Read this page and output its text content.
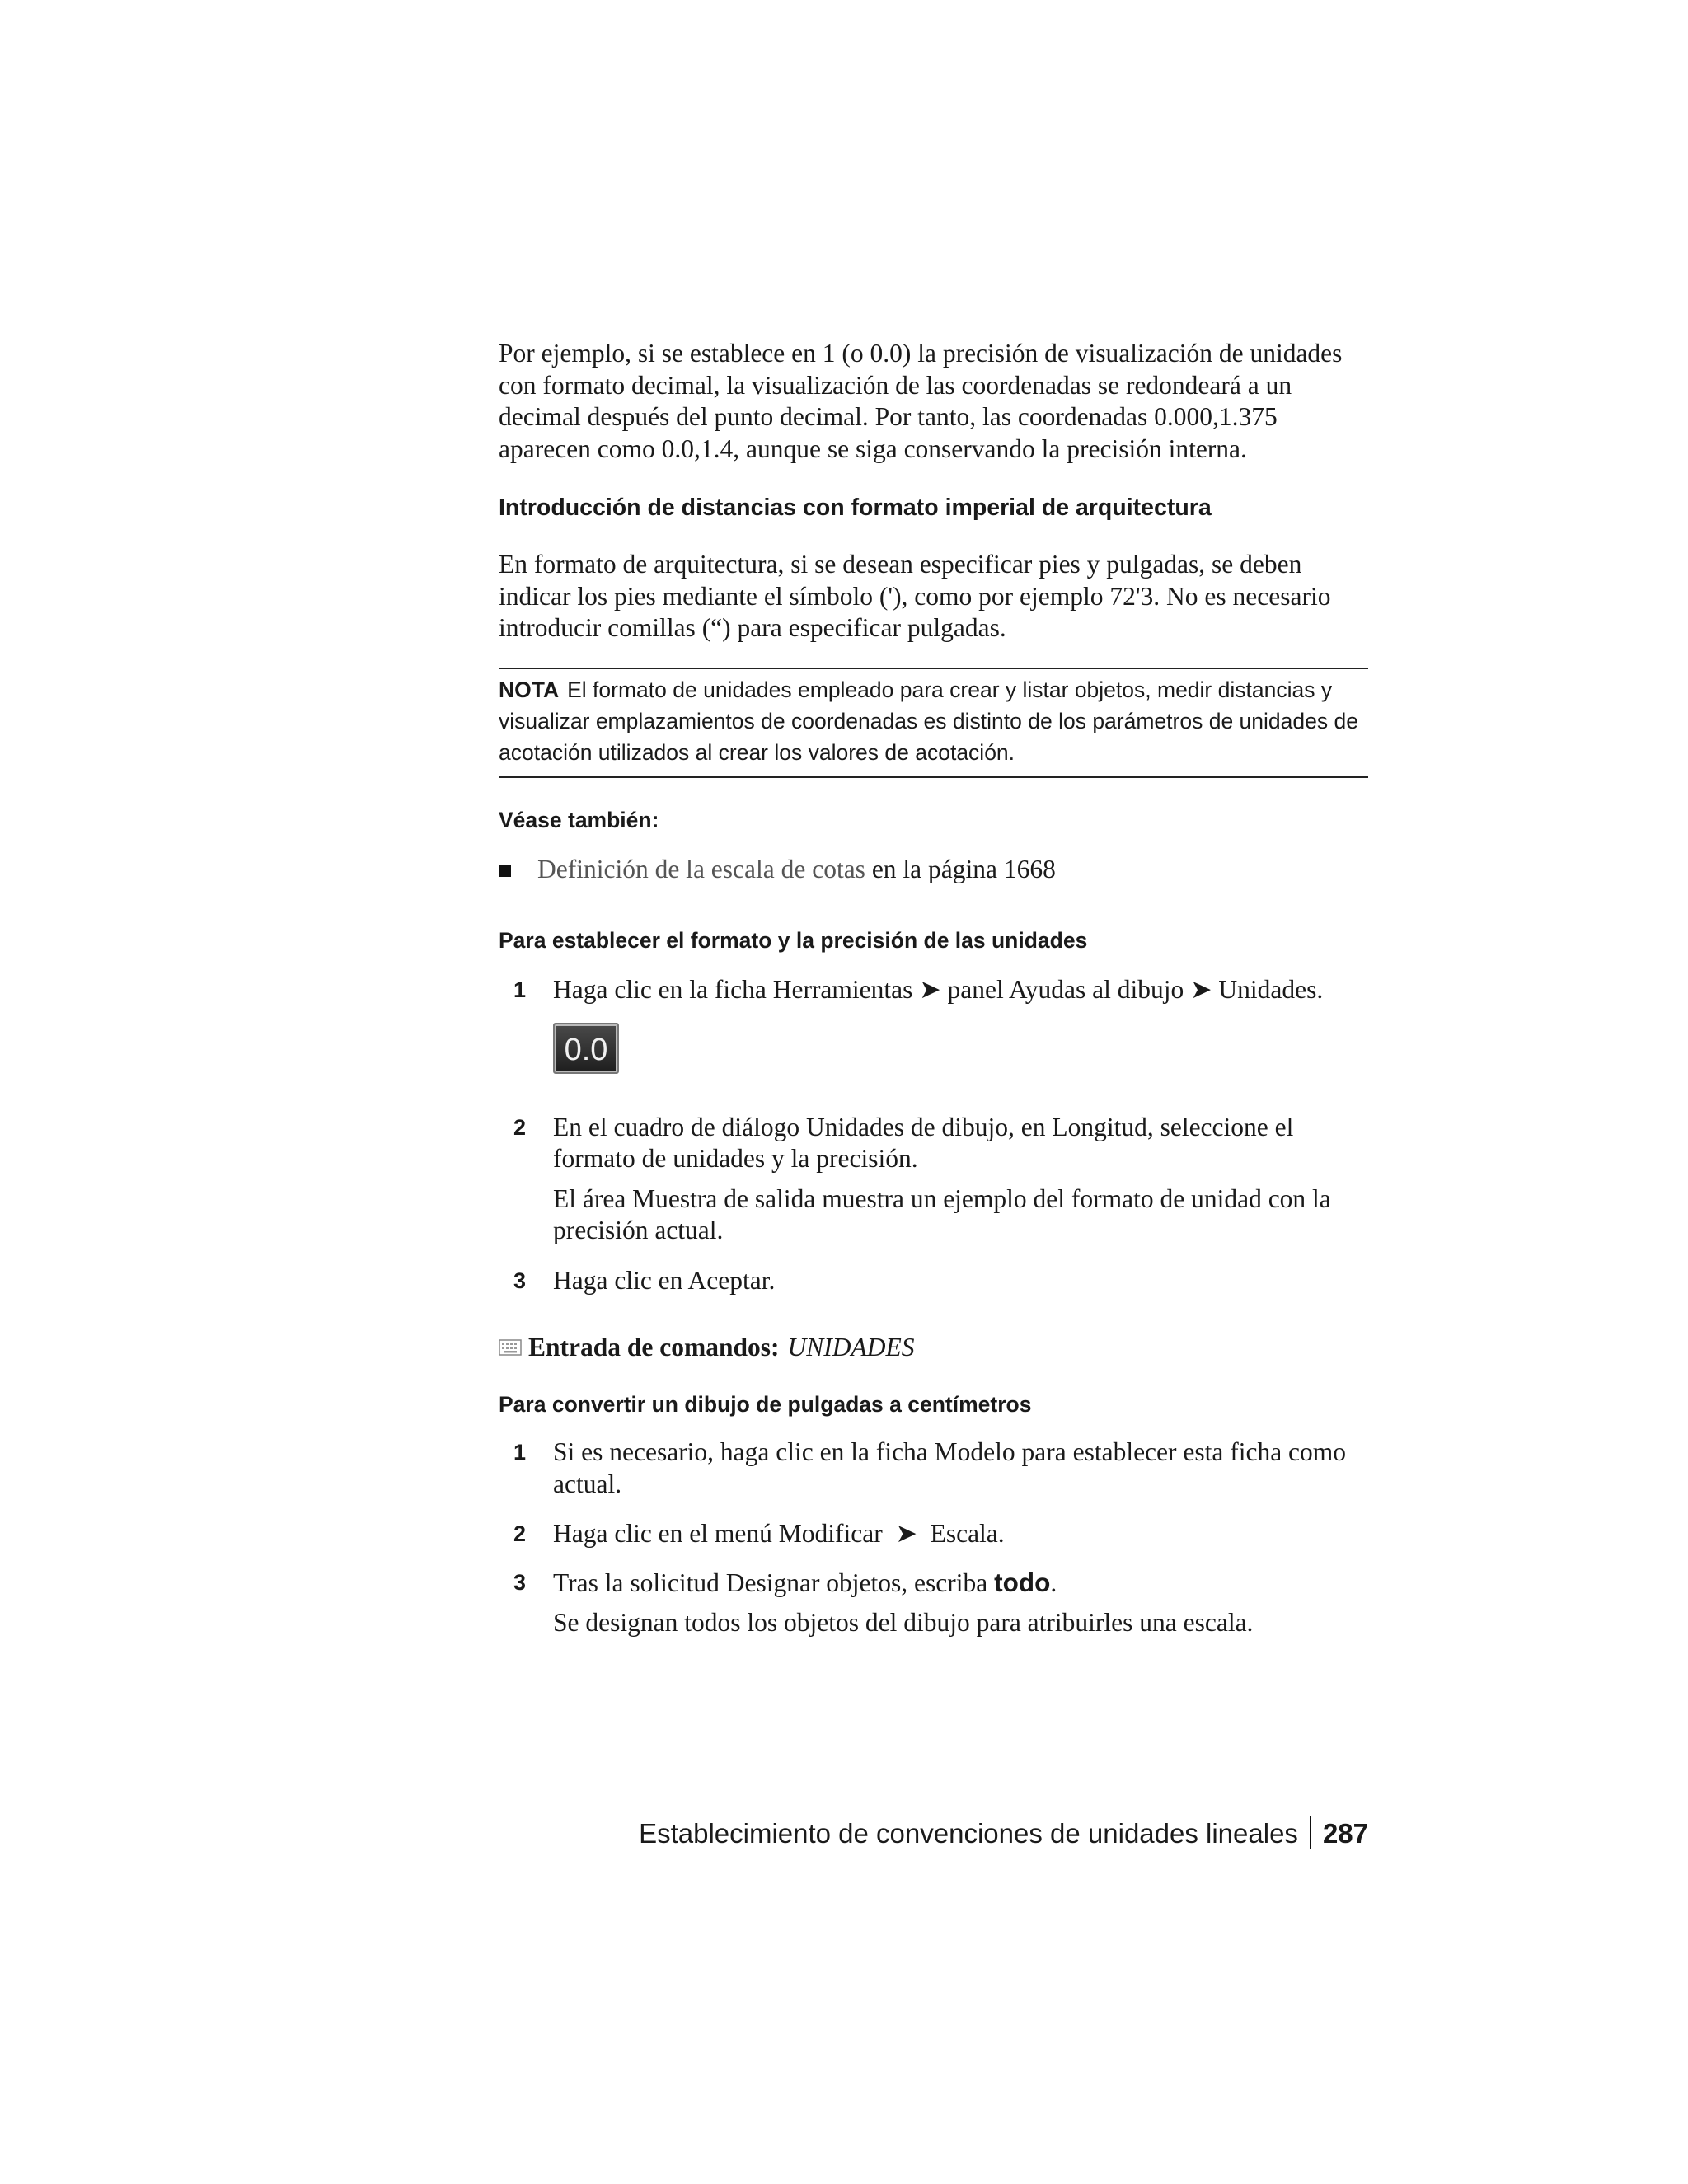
Por ejemplo, si se establece en 1 (o 0.0) la precisión de visualización de unidades con formato decimal, la visualización de las coordenadas se redondeará a un decimal después del punto decimal. Por tanto, las coordenadas 0.000,1.375 aparecen como 0.0,1.4, aunque se siga conservando la precisión interna.

Introducción de distancias con formato imperial de arquitectura

En formato de arquitectura, si se desean especificar pies y pulgadas, se deben indicar los pies mediante el símbolo ('), como por ejemplo 72'3. No es necesario introducir comillas (“) para especificar pulgadas.

NOTA El formato de unidades empleado para crear y listar objetos, medir distancias y visualizar emplazamientos de coordenadas es distinto de los parámetros de unidades de acotación utilizados al crear los valores de acotación.
Véase también:

Definición de la escala de cotas en la página 1668

Para establecer el formato y la precisión de las unidades
1	Haga clic en la ficha Herramientas ➤ panel Ayudas al dibujo ➤ Unidades.

0.0
2	En el cuadro de diálogo Unidades de dibujo, en Longitud, seleccione el formato de unidades y la precisión.

El área Muestra de salida muestra un ejemplo del formato de unidad con la precisión actual.

3	Haga clic en Aceptar.

Entrada de comandos: UNIDADES
Para convertir un dibujo de pulgadas a centímetros
1	Si es necesario, haga clic en la ficha Modelo para establecer esta ficha como actual.

2	Haga clic en el menú Modificar  ➤  Escala.

3	Tras la solicitud Designar objetos, escriba todo.

Se designan todos los objetos del dibujo para atribuirles una escala.

Establecimiento de convenciones de unidades lineales 287
